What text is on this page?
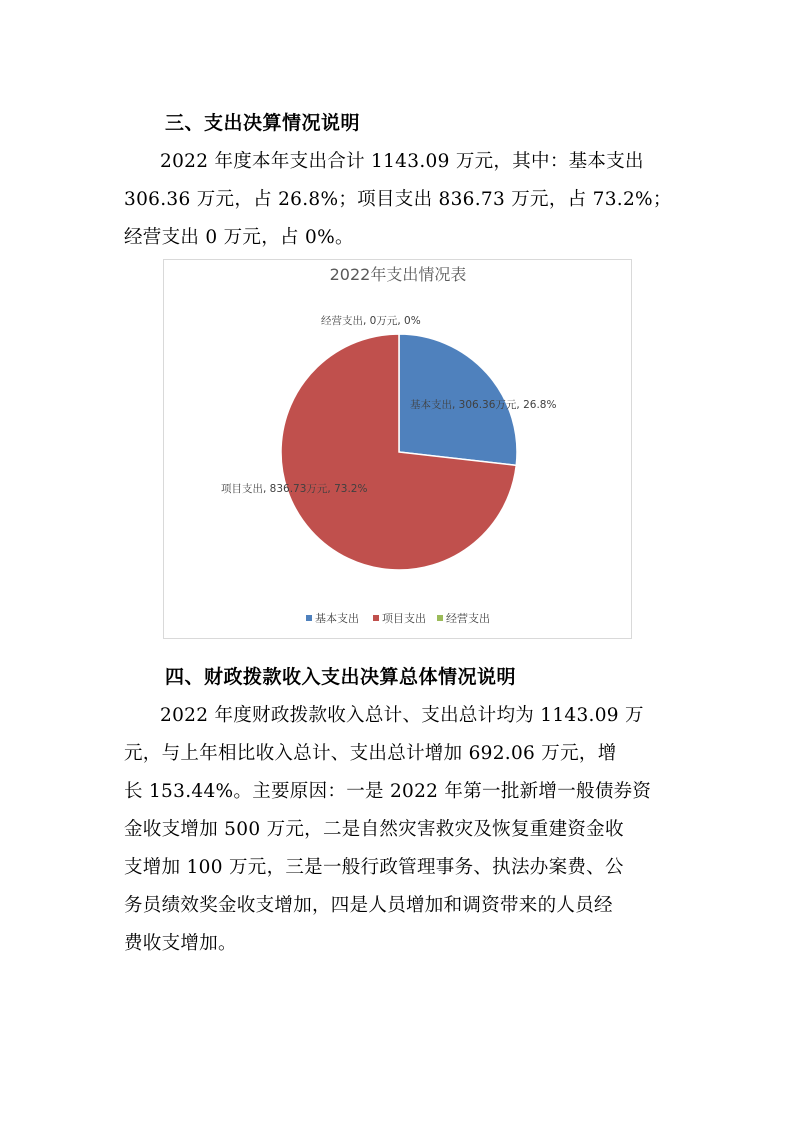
三、支出决算情况说明
2022 年度本年支出合计 1143.09 万元，其中：基本支出
306.36 万元，占 26.8%；项目支出 836.73 万元，占 73.2%；
经营支出 0 万元，占 0%。
2022年支出情况表
基本支出, 306.36万元, 26.8%
项目支出, 836.73万元, 73.2%
经营支出, 0万元, 0%
基本支出 项目支出 经营支出
四、财政拨款收入支出决算总体情况说明
2022 年度财政拨款收入总计、支出总计均为 1143.09 万
元，与上年相比收入总计、支出总计增加 692.06 万元，增
长 153.44%。主要原因：一是 2022 年第一批新增一般债券资
金收支增加 500 万元，二是自然灾害救灾及恢复重建资金收
支增加 100 万元，三是一般行政管理事务、执法办案费、公
务员绩效奖金收支增加，四是人员增加和调资带来的人员经
费收支增加。
